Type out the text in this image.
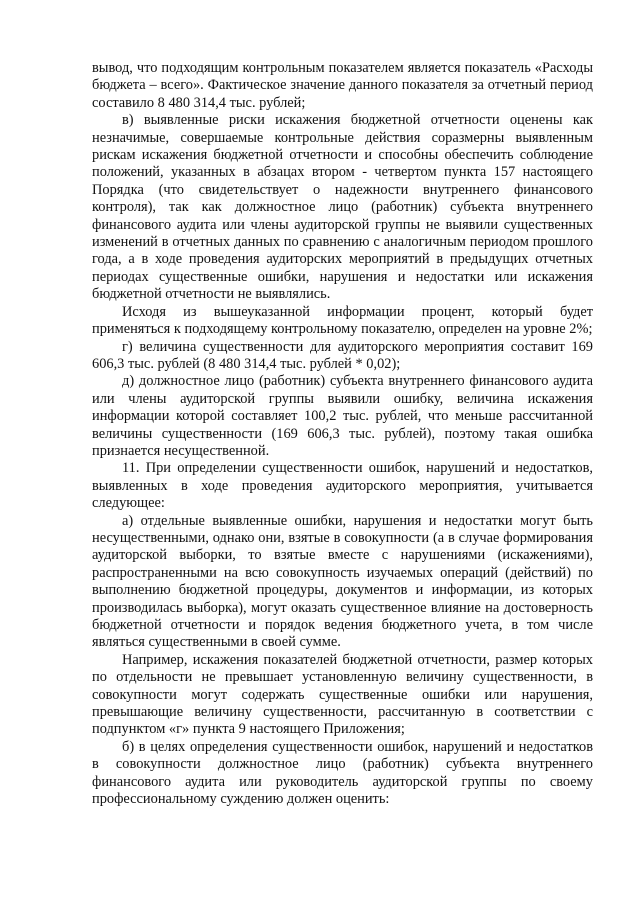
вывод, что подходящим контрольным показателем является показатель «Расходы бюджета – всего». Фактическое значение данного показателя за отчетный период составило 8 480 314,4 тыс. рублей;

в) выявленные риски искажения бюджетной отчетности оценены как незначимые, совершаемые контрольные действия соразмерны выявленным рискам искажения бюджетной отчетности и способны обеспечить соблюдение положений, указанных в абзацах втором - четвертом пункта 157 настоящего Порядка (что свидетельствует о надежности внутреннего финансового контроля), так как должностное лицо (работник) субъекта внутреннего финансового аудита или члены аудиторской группы не выявили существенных изменений в отчетных данных по сравнению с аналогичным периодом прошлого года, а в ходе проведения аудиторских мероприятий в предыдущих отчетных периодах существенные ошибки, нарушения и недостатки или искажения бюджетной отчетности не выявлялись.

Исходя из вышеуказанной информации процент, который будет применяться к подходящему контрольному показателю, определен на уровне 2%;

г) величина существенности для аудиторского мероприятия составит 169 606,3 тыс. рублей (8 480 314,4 тыс. рублей * 0,02);

д) должностное лицо (работник) субъекта внутреннего финансового аудита или члены аудиторской группы выявили ошибку, величина искажения информации которой составляет 100,2 тыс. рублей, что меньше рассчитанной величины существенности (169 606,3 тыс. рублей), поэтому такая ошибка признается несущественной.

11. При определении существенности ошибок, нарушений и недостатков, выявленных в ходе проведения аудиторского мероприятия, учитывается следующее:

а) отдельные выявленные ошибки, нарушения и недостатки могут быть несущественными, однако они, взятые в совокупности (а в случае формирования аудиторской выборки, то взятые вместе с нарушениями (искажениями), распространенными на всю совокупность изучаемых операций (действий) по выполнению бюджетной процедуры, документов и информации, из которых производилась выборка), могут оказать существенное влияние на достоверность бюджетной отчетности и порядок ведения бюджетного учета, в том числе являться существенными в своей сумме.

Например, искажения показателей бюджетной отчетности, размер которых по отдельности не превышает установленную величину существенности, в совокупности могут содержать существенные ошибки или нарушения, превышающие величину существенности, рассчитанную в соответствии с подпунктом «г» пункта 9 настоящего Приложения;

б) в целях определения существенности ошибок, нарушений и недостатков в совокупности должностное лицо (работник) субъекта внутреннего финансового аудита или руководитель аудиторской группы по своему профессиональному суждению должен оценить:
